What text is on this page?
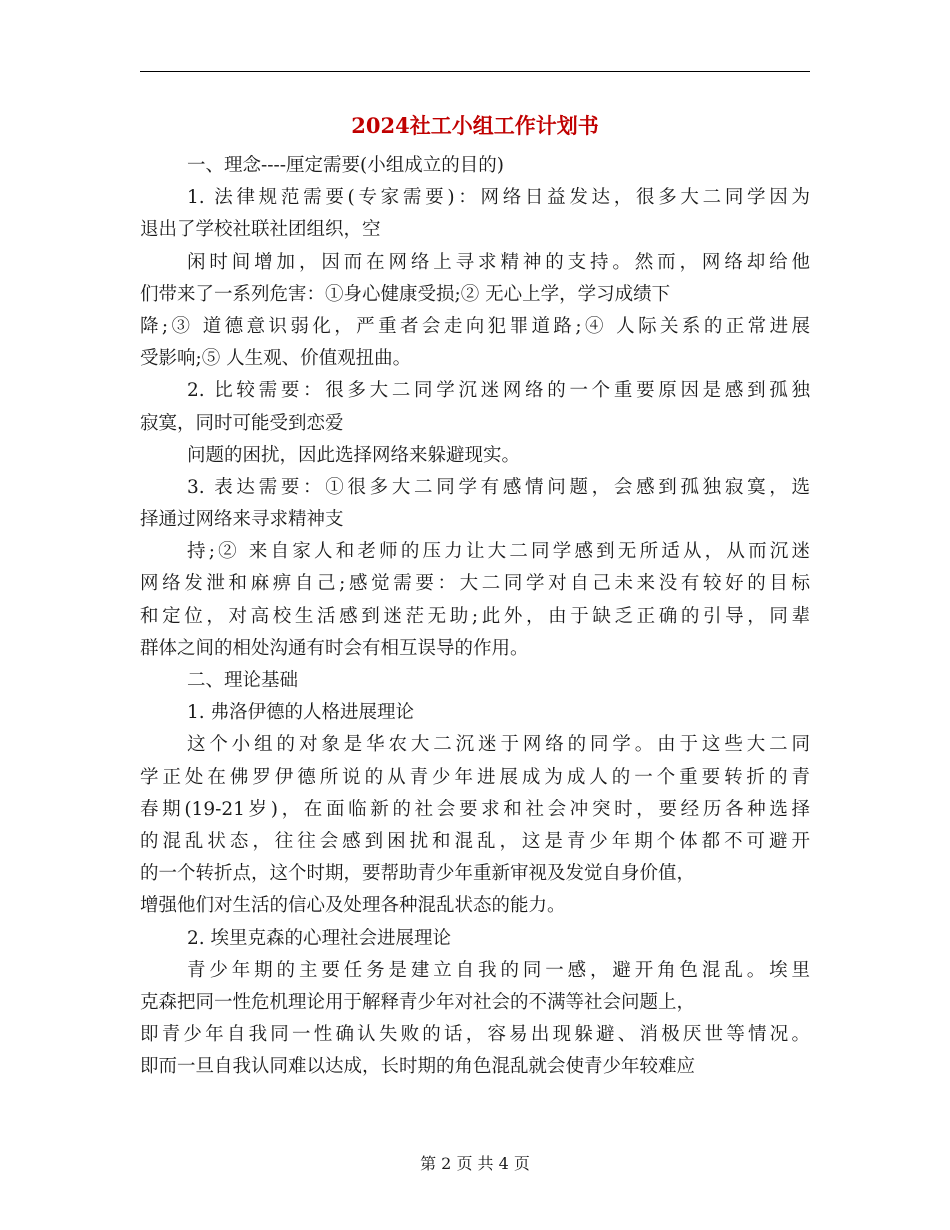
2024社工小组工作计划书
一、理念----厘定需要(小组成立的目的)
1. 法律规范需要(专家需要)：网络日益发达，很多大二同学因为
退出了学校社联社团组织，空
闲时间增加，因而在网络上寻求精神的支持。然而，网络却给他
们带来了一系列危害：①身心健康受损;② 无心上学，学习成绩下
降;③ 道德意识弱化，严重者会走向犯罪道路;④ 人际关系的正常进展
受影响;⑤ 人生观、价值观扭曲。
2. 比较需要：很多大二同学沉迷网络的一个重要原因是感到孤独
寂寞，同时可能受到恋爱
问题的困扰，因此选择网络来躲避现实。
3. 表达需要：①很多大二同学有感情问题，会感到孤独寂寞，选
择通过网络来寻求精神支
持;② 来自家人和老师的压力让大二同学感到无所适从，从而沉迷
网络发泄和麻痹自己;感觉需要：大二同学对自己未来没有较好的目标
和定位，对高校生活感到迷茫无助;此外，由于缺乏正确的引导，同辈
群体之间的相处沟通有时会有相互误导的作用。
二、理论基础
1. 弗洛伊德的人格进展理论
这个小组的对象是华农大二沉迷于网络的同学。由于这些大二同
学正处在佛罗伊德所说的从青少年进展成为成人的一个重要转折的青
春期(19-21岁)，在面临新的社会要求和社会冲突时，要经历各种选择
的混乱状态，往往会感到困扰和混乱，这是青少年期个体都不可避开
的一个转折点，这个时期，要帮助青少年重新审视及发觉自身价值，
增强他们对生活的信心及处理各种混乱状态的能力。
2. 埃里克森的心理社会进展理论
青少年期的主要任务是建立自我的同一感，避开角色混乱。埃里
克森把同一性危机理论用于解释青少年对社会的不满等社会问题上，
即青少年自我同一性确认失败的话，容易出现躲避、消极厌世等情况。
即而一旦自我认同难以达成，长时期的角色混乱就会使青少年较难应
第 2 页 共 4 页
